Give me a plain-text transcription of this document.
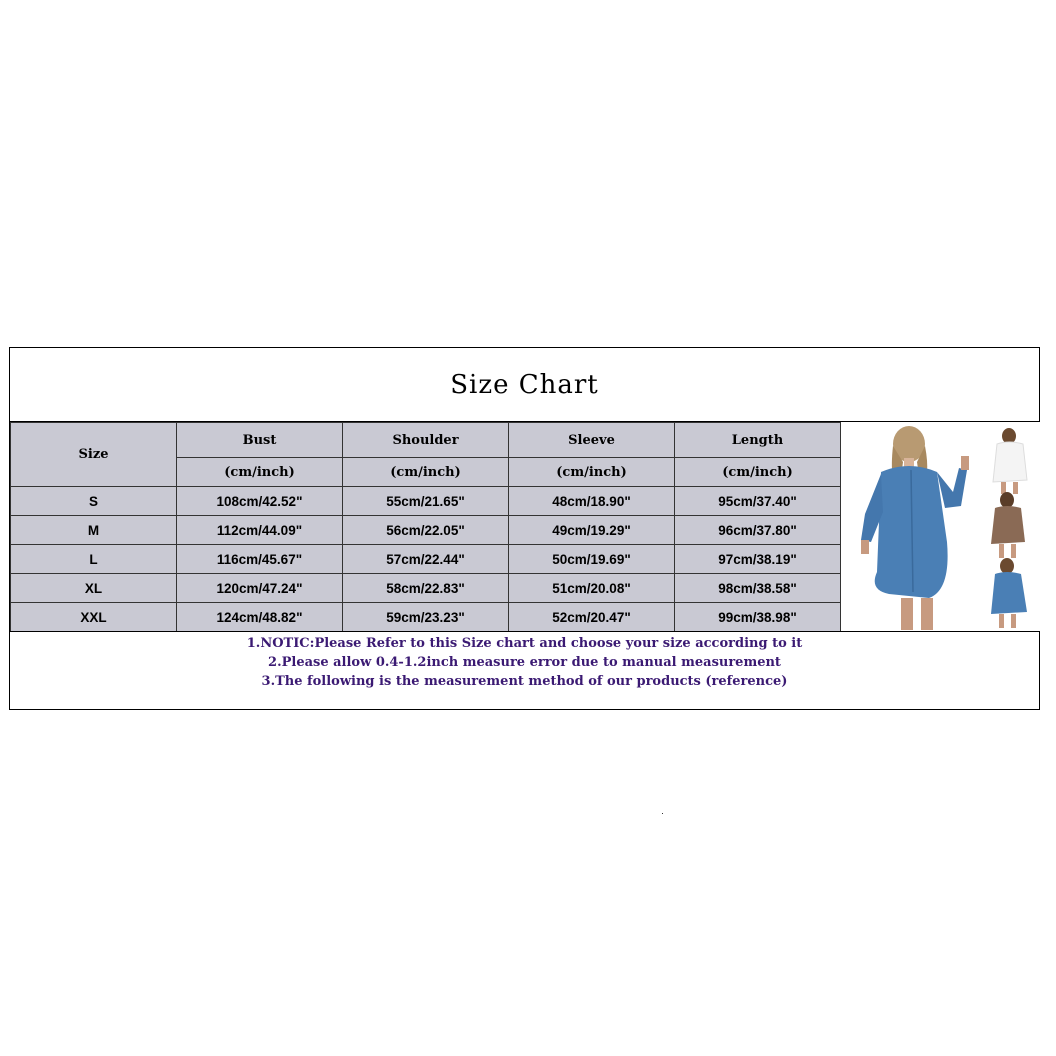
Size Chart
Size	Bust	Shoulder	Sleeve	Length
	(cm/inch)	(cm/inch)	(cm/inch)	(cm/inch)
S	108cm/42.52"	55cm/21.65"	48cm/18.90"	95cm/37.40"
M	112cm/44.09"	56cm/22.05"	49cm/19.29"	96cm/37.80"
L	116cm/45.67"	57cm/22.44"	50cm/19.69"	97cm/38.19"
XL	120cm/47.24"	58cm/22.83"	51cm/20.08"	98cm/38.58"
XXL	124cm/48.82"	59cm/23.23"	52cm/20.47"	99cm/38.98"
1.NOTIC:Please Refer to this Size chart and choose your size according to it
2.Please allow 0.4-1.2inch measure error due to manual measurement
3.The following is the measurement method of our products (reference)
